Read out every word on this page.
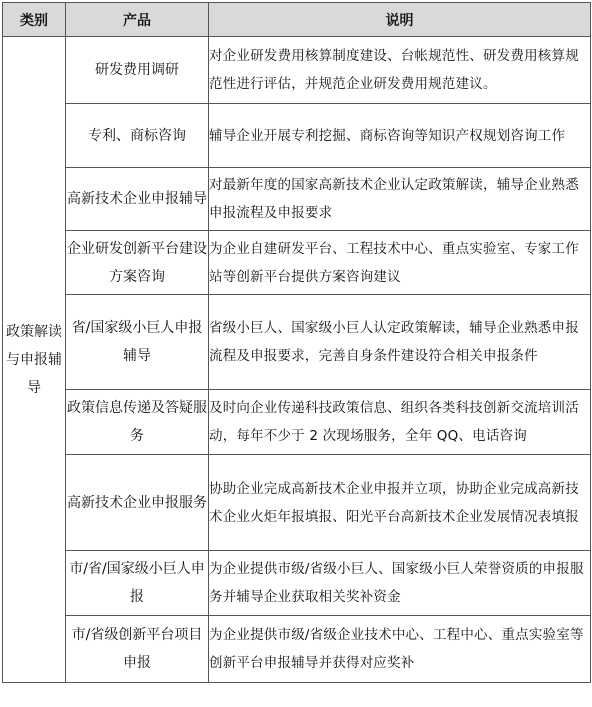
类别	产品	说明
政策解读与申报辅导	研发费用调研	对企业研发费用核算制度建设、台帐规范性、研发费用核算规范性进行评估，并规范企业研发费用规范建议。
	专利、商标咨询	辅导企业开展专利挖掘、商标咨询等知识产权规划咨询工作
	高新技术企业申报辅导	对最新年度的国家高新技术企业认定政策解读，辅导企业熟悉申报流程及申报要求
	企业研发创新平台建设方案咨询	为企业自建研发平台、工程技术中心、重点实验室、专家工作站等创新平台提供方案咨询建议
	省/国家级小巨人申报辅导	省级小巨人、国家级小巨人认定政策解读，辅导企业熟悉申报流程及申报要求，完善自身条件建设符合相关申报条件
	政策信息传递及答疑服务	及时向企业传递科技政策信息、组织各类科技创新交流培训活动，每年不少于 2 次现场服务，全年 QQ、电话咨询
	高新技术企业申报服务	协助企业完成高新技术企业申报并立项，协助企业完成高新技术企业火炬年报填报、阳光平台高新技术企业发展情况表填报
	市/省/国家级小巨人申报	为企业提供市级/省级小巨人、国家级小巨人荣誉资质的申报服务并辅导企业获取相关奖补资金
	市/省级创新平台项目申报	为企业提供市级/省级企业技术中心、工程中心、重点实验室等创新平台申报辅导并获得对应奖补
